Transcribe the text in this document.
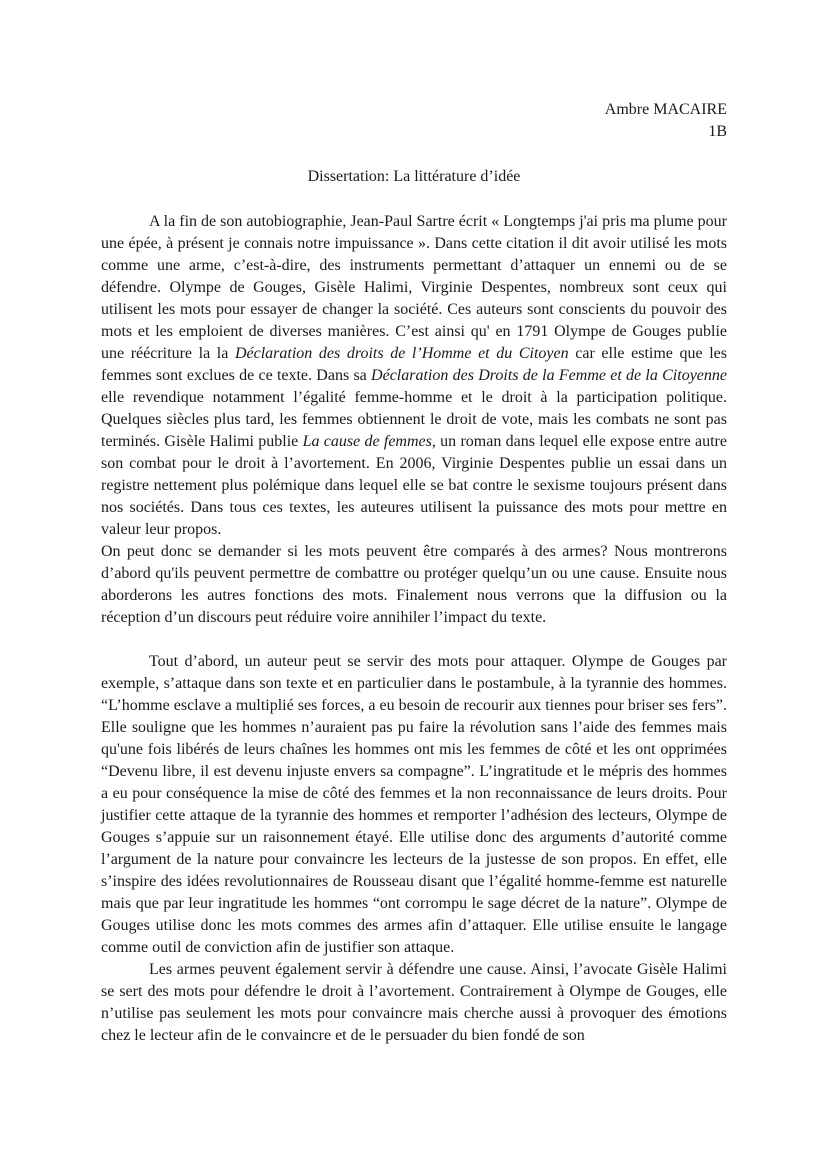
Ambre MACAIRE
1B
Dissertation: La littérature d’idée

A la fin de son autobiographie, Jean-Paul Sartre écrit « Longtemps j'ai pris ma plume pour une épée, à présent je connais notre impuissance ». Dans cette citation il dit avoir utilisé les mots comme une arme, c’est-à-dire, des instruments permettant d’attaquer un ennemi ou de se défendre. Olympe de Gouges, Gisèle Halimi, Virginie Despentes, nombreux sont ceux qui utilisent les mots pour essayer de changer la société. Ces auteurs sont conscients du pouvoir des mots et les emploient de diverses manières. C’est ainsi qu' en 1791 Olympe de Gouges publie une réécriture la la Déclaration des droits de l’Homme et du Citoyen car elle estime que les femmes sont exclues de ce texte. Dans sa Déclaration des Droits de la Femme et de la Citoyenne elle revendique notamment l’égalité femme-homme et le droit à la participation politique. Quelques siècles plus tard, les femmes obtiennent le droit de vote, mais les combats ne sont pas terminés. Gisèle Halimi publie La cause de femmes, un roman dans lequel elle expose entre autre son combat pour le droit à l’avortement. En 2006, Virginie Despentes publie un essai dans un registre nettement plus polémique dans lequel elle se bat contre le sexisme toujours présent dans nos sociétés. Dans tous ces textes, les auteures utilisent la puissance des mots pour mettre en valeur leur propos.

On peut donc se demander si les mots peuvent être comparés à des armes? Nous montrerons d’abord qu'ils peuvent permettre de combattre ou protéger quelqu’un ou une cause. Ensuite nous aborderons les autres fonctions des mots. Finalement nous verrons que la diffusion ou la réception d’un discours peut réduire voire annihiler l’impact du texte.

Tout d’abord, un auteur peut se servir des mots pour attaquer. Olympe de Gouges par exemple, s’attaque dans son texte et en particulier dans le postambule, à la tyrannie des hommes. “L’homme esclave a multiplié ses forces, a eu besoin de recourir aux tiennes pour briser ses fers”. Elle souligne que les hommes n’auraient pas pu faire la révolution sans l’aide des femmes mais qu'une fois libérés de leurs chaînes les hommes ont mis les femmes de côté et les ont opprimées “Devenu libre, il est devenu injuste envers sa compagne”. L’ingratitude et le mépris des hommes a eu pour conséquence la mise de côté des femmes et la non reconnaissance de leurs droits. Pour justifier cette attaque de la tyrannie des hommes et remporter l’adhésion des lecteurs, Olympe de Gouges s’appuie sur un raisonnement étayé. Elle utilise donc des arguments d’autorité comme l’argument de la nature pour convaincre les lecteurs de la justesse de son propos. En effet, elle s’inspire des idées revolutionnaires de Rousseau disant que l’égalité homme-femme est naturelle mais que par leur ingratitude les hommes “ont corrompu le sage décret de la nature”. Olympe de Gouges utilise donc les mots commes des armes afin d’attaquer. Elle utilise ensuite le langage comme outil de conviction afin de justifier son attaque.

Les armes peuvent également servir à défendre une cause. Ainsi, l’avocate Gisèle Halimi se sert des mots pour défendre le droit à l’avortement. Contrairement à Olympe de Gouges, elle n’utilise pas seulement les mots pour convaincre mais cherche aussi à provoquer des émotions chez le lecteur afin de le convaincre et de le persuader du bien fondé de son
